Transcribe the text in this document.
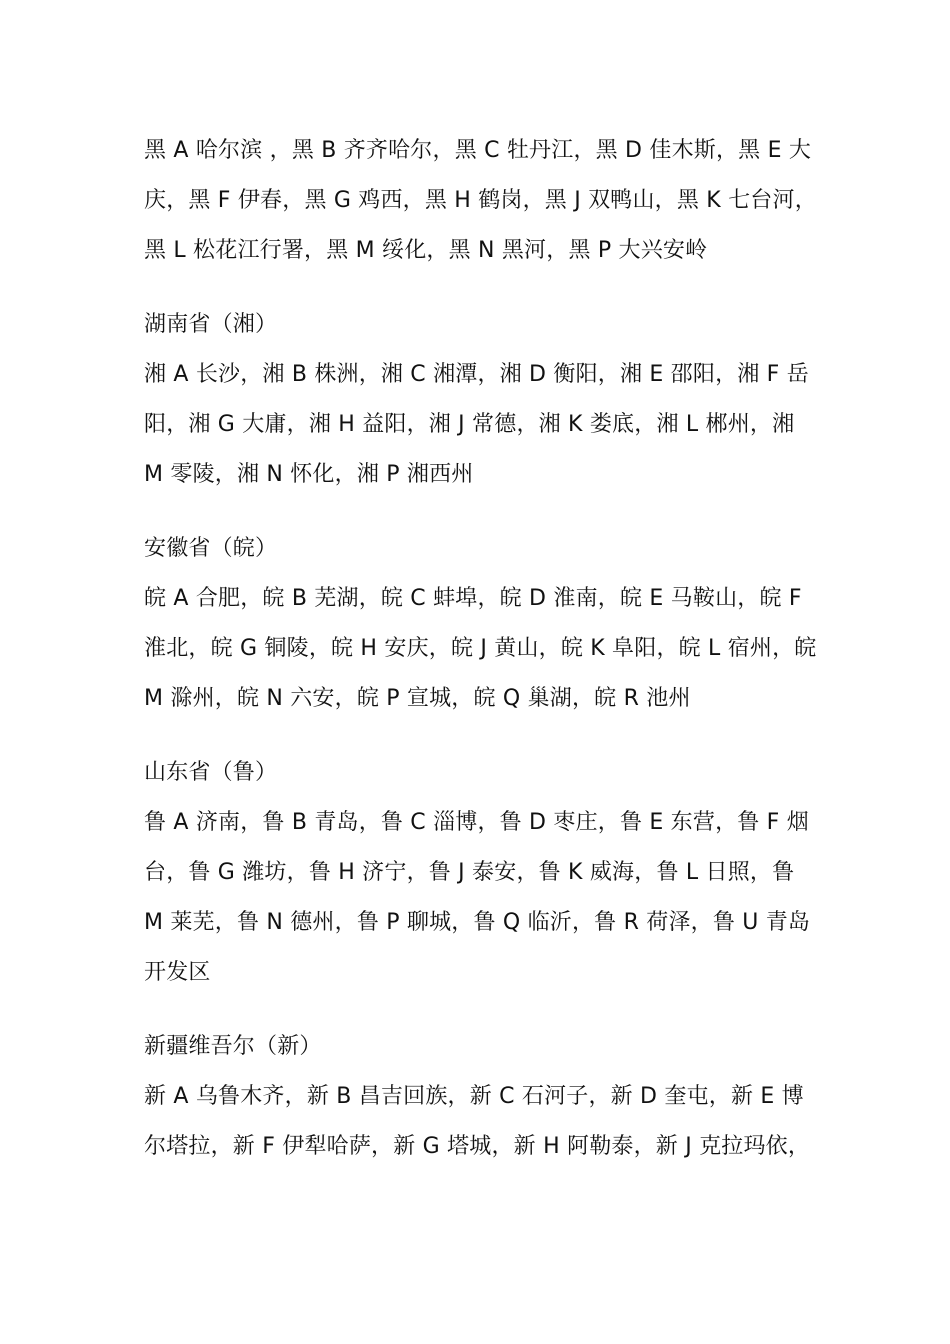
黑 A 哈尔滨 ，黑 B 齐齐哈尔，黑 C 牡丹江，黑 D 佳木斯，黑 E 大
庆，黑 F 伊春，黑 G 鸡西，黑 H 鹤岗，黑 J 双鸭山，黑 K 七台河，
黑 L 松花江行署，黑 M 绥化，黑 N 黑河，黑 P 大兴安岭
湖南省（湘）
湘 A 长沙，湘 B 株洲，湘 C 湘潭，湘 D 衡阳，湘 E 邵阳，湘 F 岳
阳，湘 G 大庸，湘 H 益阳，湘 J 常德，湘 K 娄底，湘 L 郴州，湘
M 零陵，湘 N 怀化，湘 P 湘西州
安徽省（皖）
皖 A 合肥，皖 B 芜湖，皖 C 蚌埠，皖 D 淮南，皖 E 马鞍山，皖 F
淮北，皖 G 铜陵，皖 H 安庆，皖 J 黄山，皖 K 阜阳，皖 L 宿州，皖
M 滁州，皖 N 六安，皖 P 宣城，皖 Q 巢湖，皖 R 池州
山东省（鲁）
鲁 A 济南，鲁 B 青岛，鲁 C 淄博，鲁 D 枣庄，鲁 E 东营，鲁 F 烟
台，鲁 G 潍坊，鲁 H 济宁，鲁 J 泰安，鲁 K 威海，鲁 L 日照，鲁
M 莱芜，鲁 N 德州，鲁 P 聊城，鲁 Q 临沂，鲁 R 荷泽，鲁 U 青岛
开发区
新疆维吾尔（新）
新 A 乌鲁木齐，新 B 昌吉回族，新 C 石河子，新 D 奎屯，新 E 博
尔塔拉，新 F 伊犁哈萨，新 G 塔城，新 H 阿勒泰，新 J 克拉玛依，
